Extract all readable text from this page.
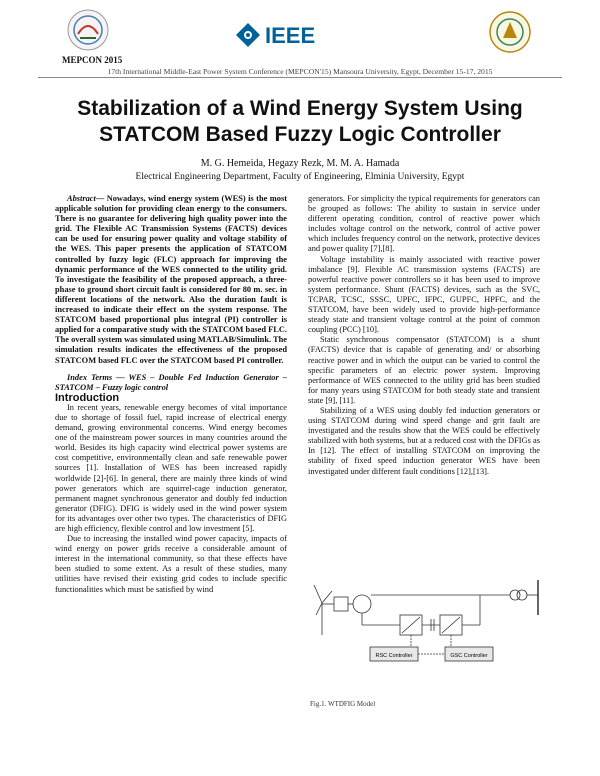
IEEE
MEPCON 2015
17th International Middle-East Power System Conference (MEPCON'15) Mansoura University, Egypt, December 15-17, 2015
Stabilization of a Wind Energy System Using STATCOM Based Fuzzy Logic Controller
M. G. Hemeida, Hegazy Rezk, M. M. A. Hamada
Electrical Engineering Department, Faculty of Engineering, Elminia University, Egypt

Abstract— Nowadays, wind energy system (WES) is the most applicable solution for providing clean energy to the consumers. There is no guarantee for delivering high quality power into the grid. The Flexible AC Transmission Systems (FACTS) devices can be used for ensuring power quality and voltage stability of the WES. This paper presents the application of STATCOM controlled by fuzzy logic (FLC) approach for improving the dynamic performance of the WES connected to the utility grid. To investigate the feasibility of the proposed approach, a three-phase to ground short circuit fault is considered for 80 m. sec. in different locations of the network. Also the duration fault is increased to indicate their effect on the system response. The STATCOM based proportional plus integral (PI) controller is applied for a comparative study with the STATCOM based FLC. The overall system was simulated using MATLAB/Simulink. The simulation results indicates the effectiveness of the proposed STATCOM based FLC over the STATCOM based PI controller.

Index Terms — WES – Double Fed Induction Generator – STATCOM – Fuzzy logic control

Introduction

In recent years, renewable energy becomes of vital importance due to shortage of fossil fuel, rapid increase of electrical energy demand, growing environmental concerns. Wind energy becomes one of the mainstream power sources in many countries around the world. Besides its high capacity wind electrical power systems are cost competitive, environmentally clean and safe renewable power sources [1]. Installation of WES has been increased rapidly worldwide [2]-[6]. In general, there are mainly three kinds of wind power generators which are squirrel-cage induction generator, permanent magnet synchronous generator and doubly fed induction generator (DFIG). DFIG is widely used in the wind power system for its advantages over other two types. The characteristics of DFIG are high efficiency, flexible control and low investment [5].

Due to increasing the installed wind power capacity, impacts of wind energy on power grids receive a considerable amount of interest in the international community, so that these effects have been studied to some extent. As a result of these studies, many utilities have revised their existing grid codes to include specific functionalities which must be satisfied by wind

generators. For simplicity the typical requirements for generators can be grouped as follows: The ability to sustain in service under different operating condition, control of reactive power which includes voltage control on the network, control of active power which includes frequency control on the network, protective devices and power quality [7],[8].

Voltage instability is mainly associated with reactive power imbalance [9]. Flexible AC transmission systems (FACTS) are powerful reactive power controllers so it has been used to improve system performance. Shunt (FACTS) devices, such as the SVC, TCPAR, TCSC, SSSC, UPFC, IFPC, GUPFC, HPFC, and the STATCOM, have been widely used to provide high-performance steady state and transient voltage control at the point of common coupling (PCC) [10].

Static synchronous compensator (STATCOM) is a shunt (FACTS) device that is capable of generating and/ or absorbing reactive power and in which the output can be varied to control the specific parameters of an electric power system. Improving performance of WES connected to the utility grid has been studied for many years using STATCOM for both steady state and transient state [9], [11].

Stabilizing of a WES using doubly fed induction generators or using STATCOM during wind speed change and grit fault are investigated and the results show that the WES could be effectively stabilized with both systems, but at a reduced cost with the DFIGs as In [12]. The effect of installing STATCOM on improving the stability of fixed speed induction generator WES have been investigated under different fault conditions [12],[13].

RSC Controller	GSC Controller
Fig.1. WTDFIG Model
